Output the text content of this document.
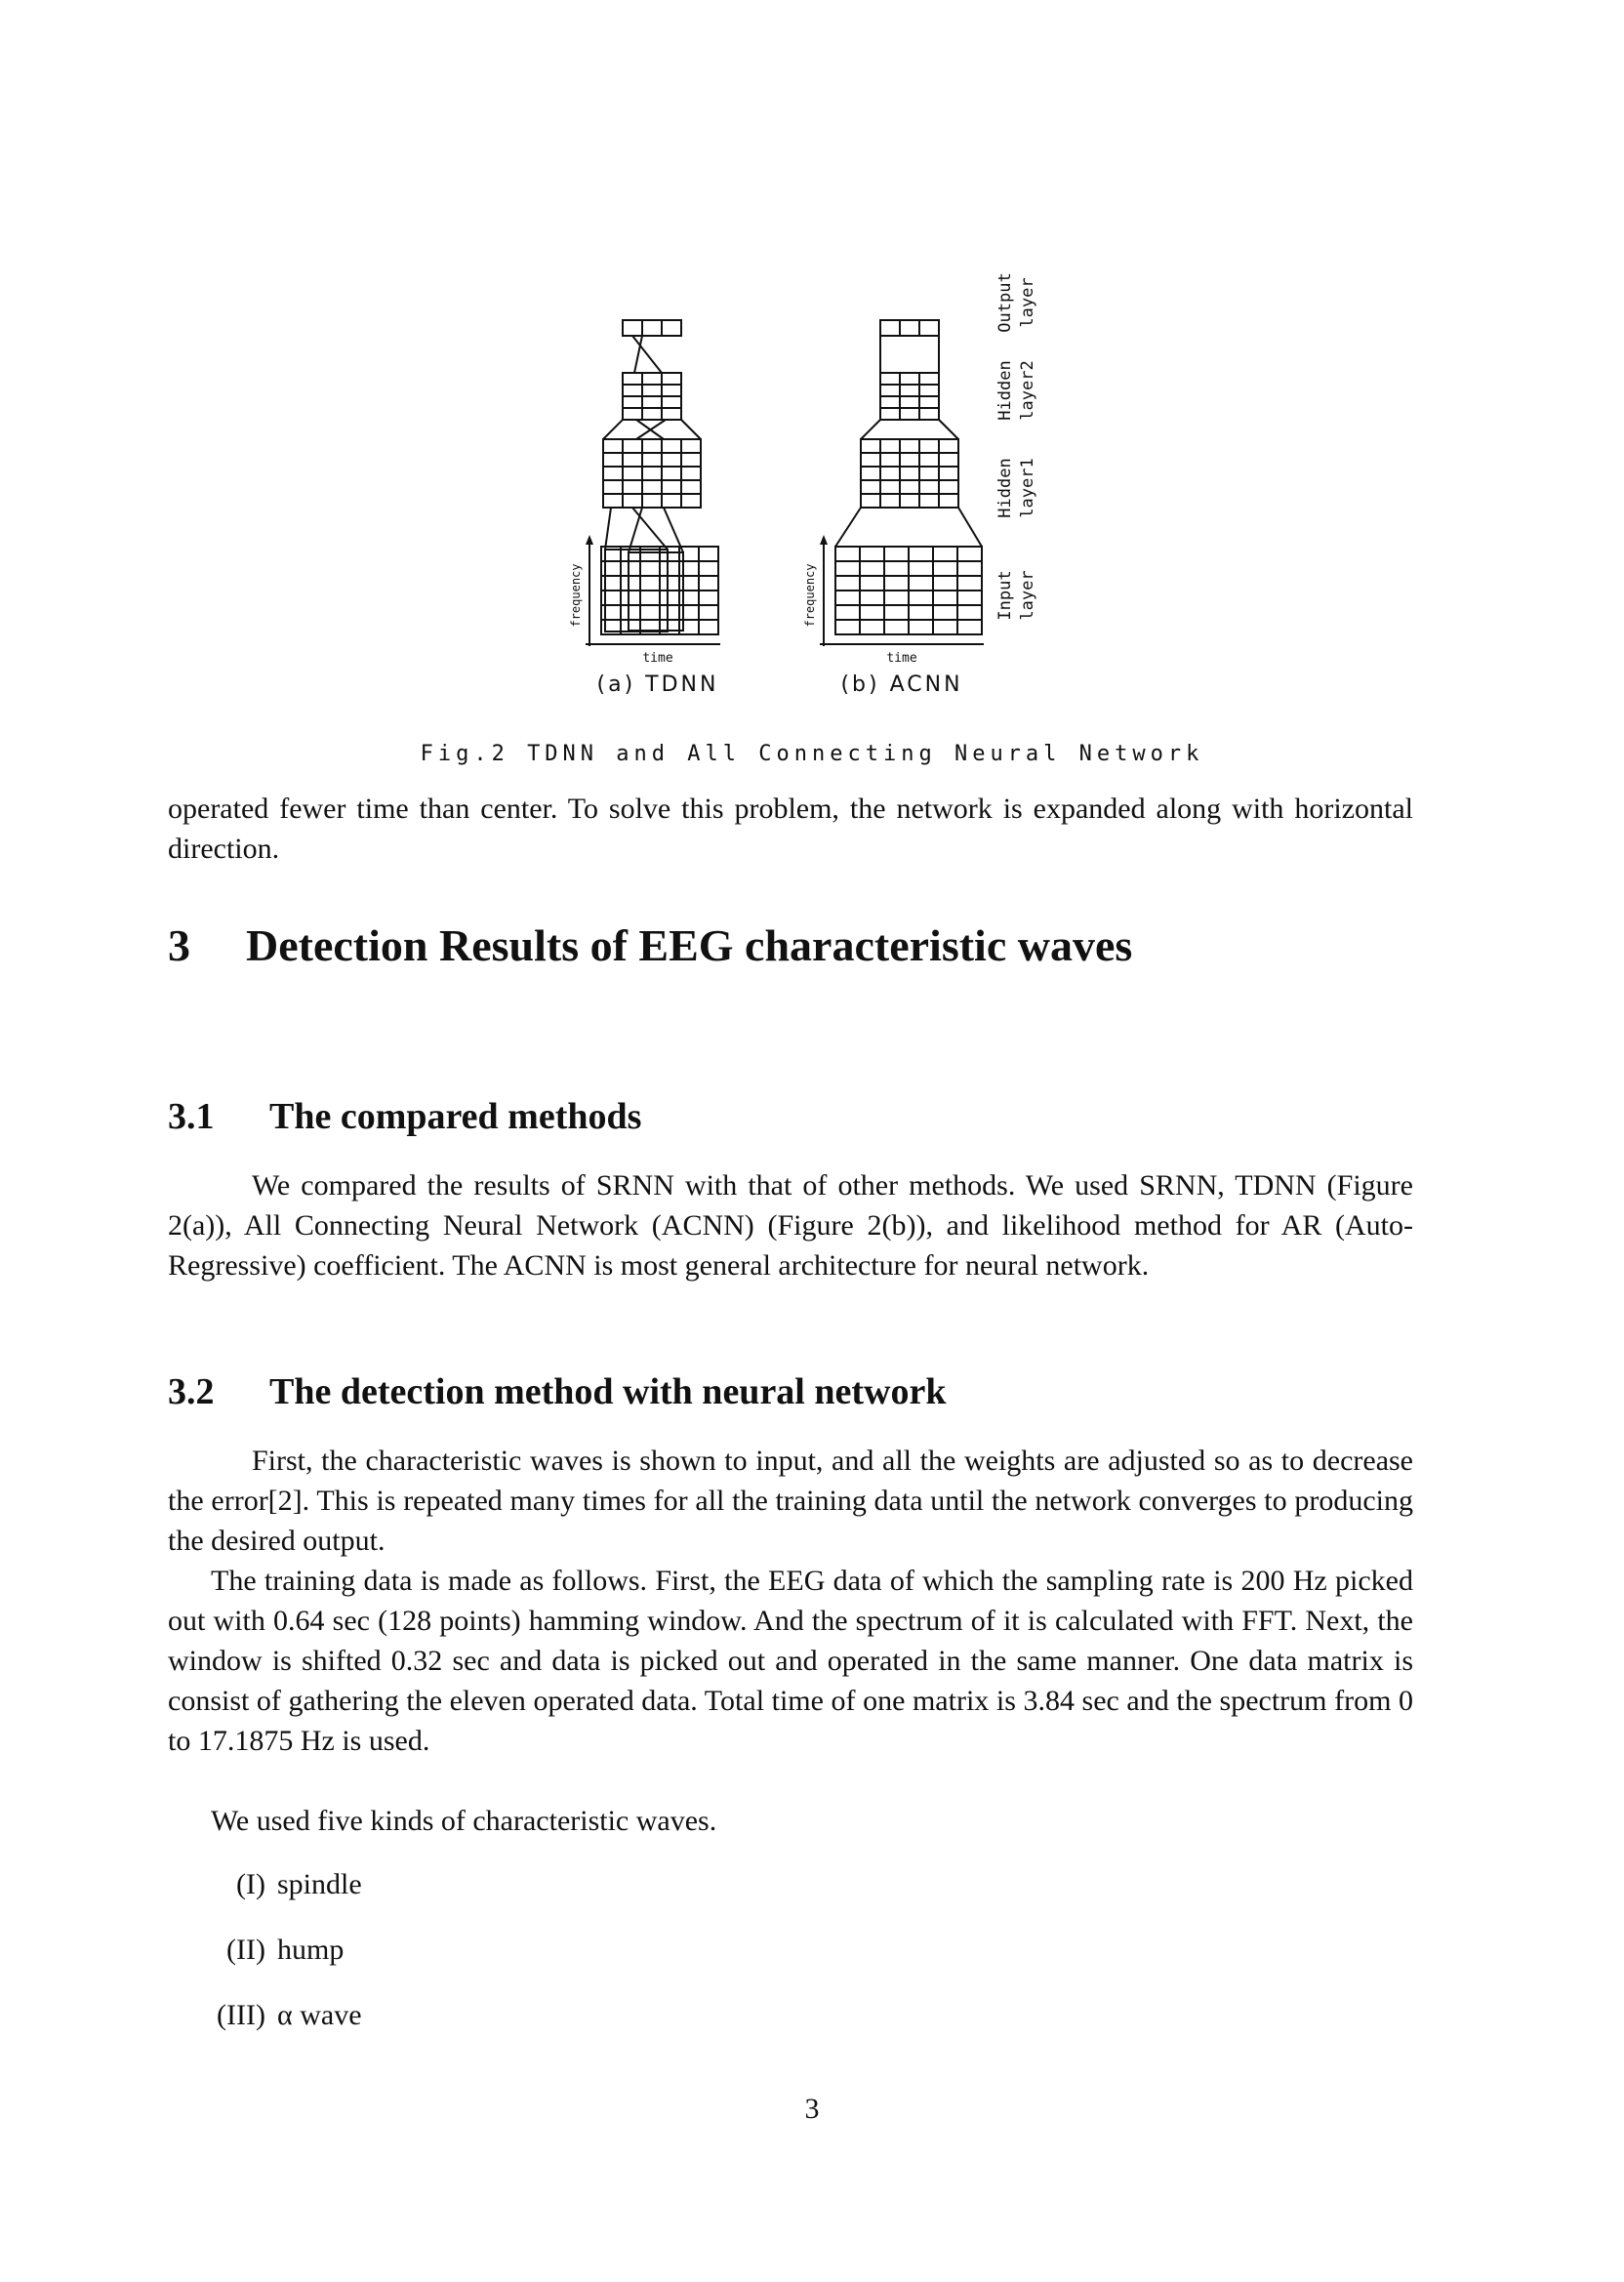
frequency
time
(a) TDNN
frequency
time
(b) ACNN
Output layer
Hidden layer2
Hidden layer1
Input layer
Fig.2 TDNN and All Connecting Neural Network

operated fewer time than center. To solve this problem, the network is expanded along with horizontal direction.

3 Detection Results of EEG characteristic waves
3.1 The compared methods

We compared the results of SRNN with that of other methods. We used SRNN, TDNN (Figure 2(a)), All Connecting Neural Network (ACNN) (Figure 2(b)), and likelihood method for AR (Auto-Regressive) coefficient. The ACNN is most general architecture for neural network.

3.2 The detection method with neural network

First, the characteristic waves is shown to input, and all the weights are adjusted so as to decrease the error[2]. This is repeated many times for all the training data until the network converges to producing the desired output.

The training data is made as follows. First, the EEG data of which the sampling rate is 200 Hz picked out with 0.64 sec (128 points) hamming window. And the spectrum of it is calculated with FFT. Next, the window is shifted 0.32 sec and data is picked out and operated in the same manner. One data matrix is consist of gathering the eleven operated data. Total time of one matrix is 3.84 sec and the spectrum from 0 to 17.1875 Hz is used.

We used five kinds of characteristic waves.

(I) spindle
(II) hump
(III) α wave
3
